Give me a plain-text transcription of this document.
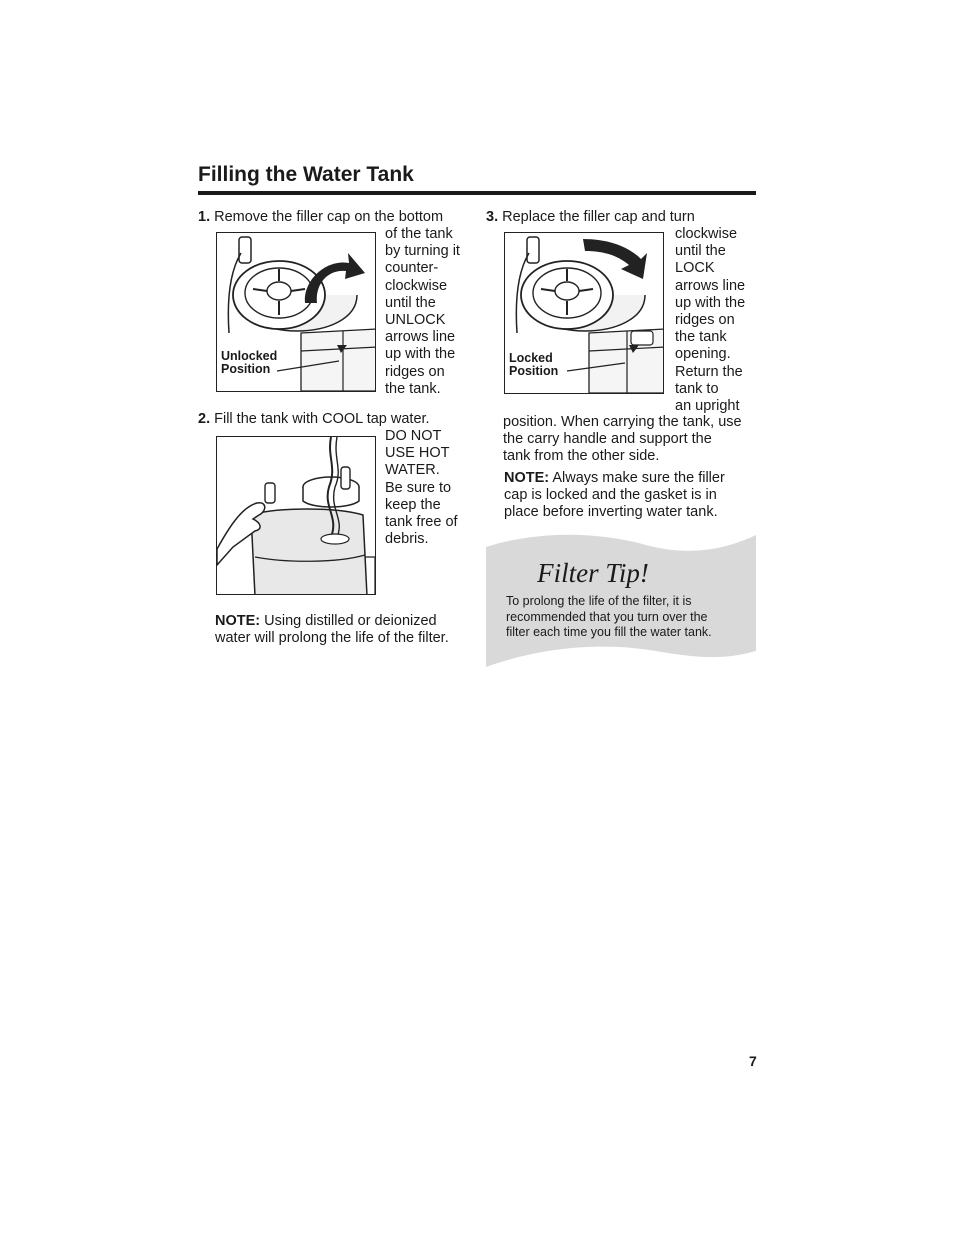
Filling the Water Tank
1. Remove the filler cap on the bottom
of the tank
by turning it
counter-
clockwise
until the
UNLOCK
arrows line
up with the
ridges on
the tank.
Unlocked
Position
2. Fill the tank with COOL tap water.
DO NOT
USE HOT
WATER.
Be sure to
keep the
tank free of
debris.
NOTE: Using distilled or deionized
water will prolong the life of the filter.
3. Replace the filler cap and turn
clockwise
until the
LOCK
arrows line
up with the
ridges on
the tank
opening.
Return the
tank to
an upright
Locked
Position
position. When carrying the tank, use
the carry handle and support the
tank from the other side.
NOTE: Always make sure the filler
cap is locked and the gasket is in
place before inverting water tank.
Filter Tip!
To prolong the life of the filter, it is
recommended that you turn over the
filter each time you fill the water tank.
7
